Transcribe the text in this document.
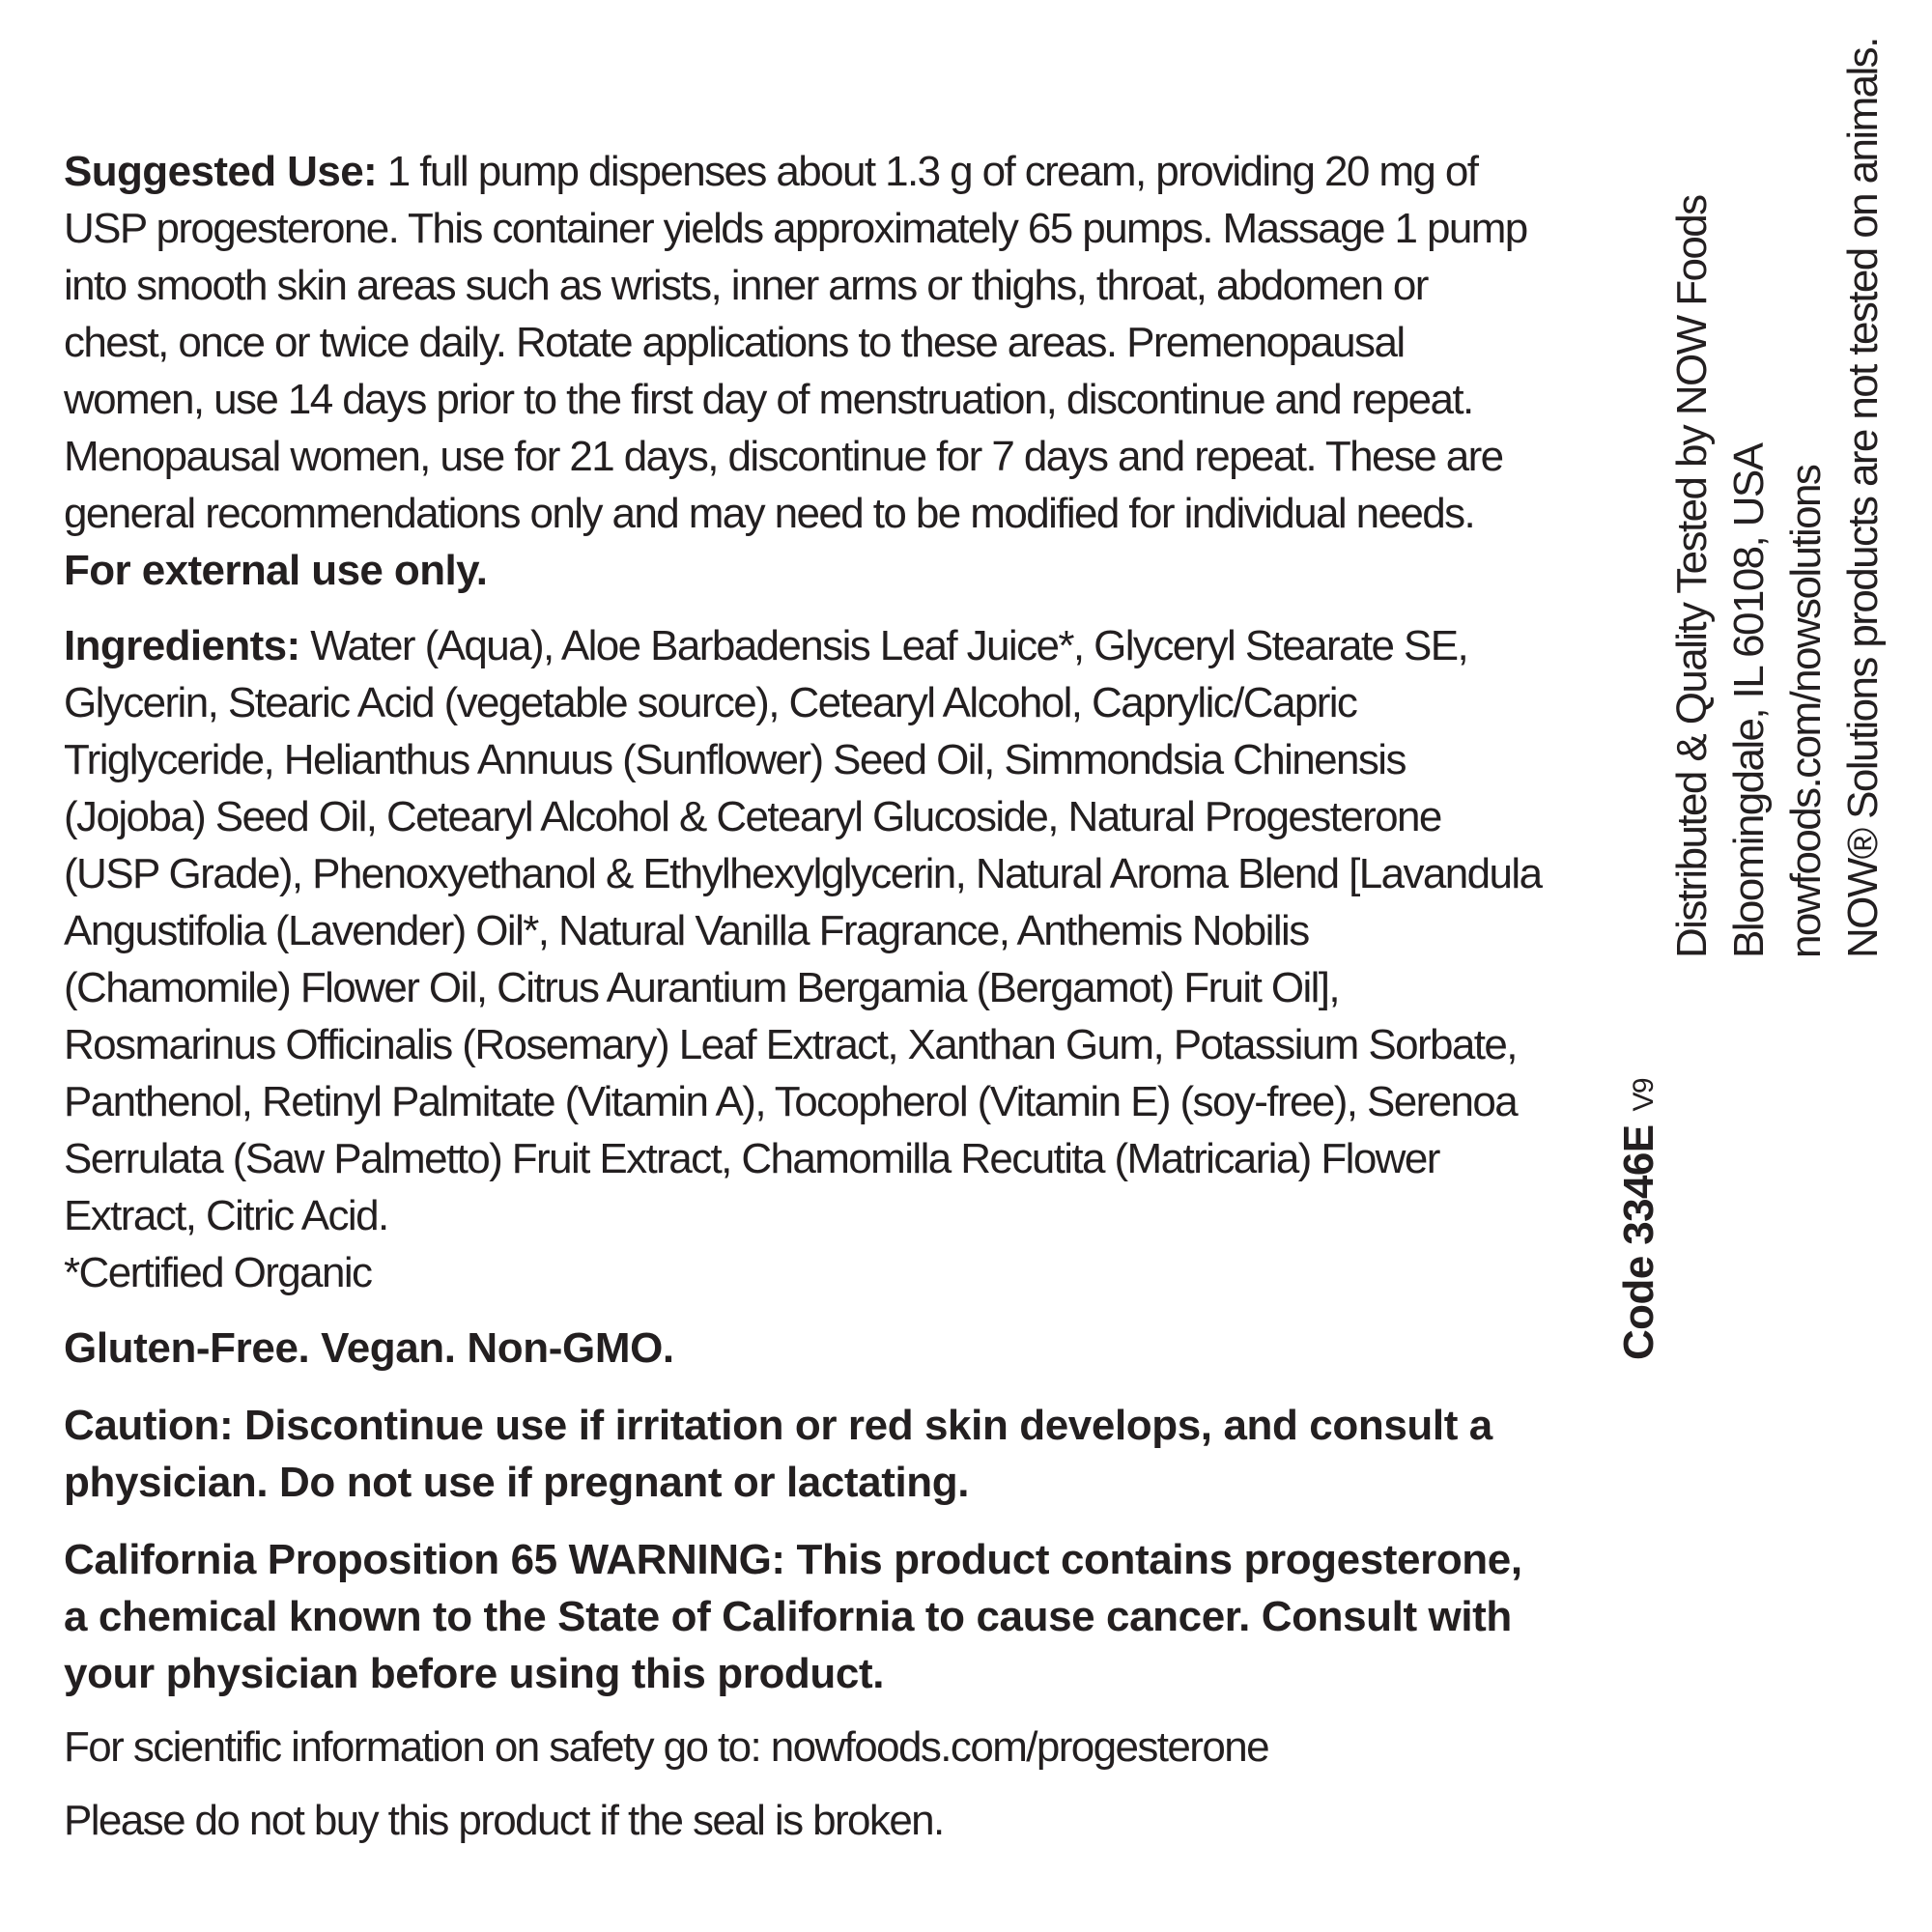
Suggested Use: 1 full pump dispenses about 1.3 g of cream, providing 20 mg of USP progesterone. This container yields approximately 65 pumps. Massage 1 pump into smooth skin areas such as wrists, inner arms or thighs, throat, abdomen or chest, once or twice daily. Rotate applications to these areas. Premenopausal women, use 14 days prior to the first day of menstruation, discontinue and repeat. Menopausal women, use for 21 days, discontinue for 7 days and repeat. These are general recommendations only and may need to be modified for individual needs. For external use only.

Ingredients: Water (Aqua), Aloe Barbadensis Leaf Juice*, Glyceryl Stearate SE, Glycerin, Stearic Acid (vegetable source), Cetearyl Alcohol, Caprylic/Capric Triglyceride, Helianthus Annuus (Sunflower) Seed Oil, Simmondsia Chinensis (Jojoba) Seed Oil, Cetearyl Alcohol & Cetearyl Glucoside, Natural Progesterone (USP Grade), Phenoxyethanol & Ethylhexylglycerin, Natural Aroma Blend [Lavandula Angustifolia (Lavender) Oil*, Natural Vanilla Fragrance, Anthemis Nobilis (Chamomile) Flower Oil, Citrus Aurantium Bergamia (Bergamot) Fruit Oil], Rosmarinus Officinalis (Rosemary) Leaf Extract, Xanthan Gum, Potassium Sorbate, Panthenol, Retinyl Palmitate (Vitamin A), Tocopherol (Vitamin E) (soy-free), Serenoa Serrulata (Saw Palmetto) Fruit Extract, Chamomilla Recutita (Matricaria) Flower Extract, Citric Acid.

*Certified Organic

Gluten-Free. Vegan. Non-GMO.

Caution: Discontinue use if irritation or red skin develops, and consult a physician. Do not use if pregnant or lactating.

California Proposition 65 WARNING: This product contains progesterone, a chemical known to the State of California to cause cancer. Consult with your physician before using this product.

For scientific information on safety go to: nowfoods.com/progesterone

Please do not buy this product if the seal is broken.

Code 3346EV9
Distributed & Quality Tested by NOW Foods Bloomingdale, IL 60108, USA nowfoods.com/nowsolutions NOW® Solutions products are not tested on animals.
